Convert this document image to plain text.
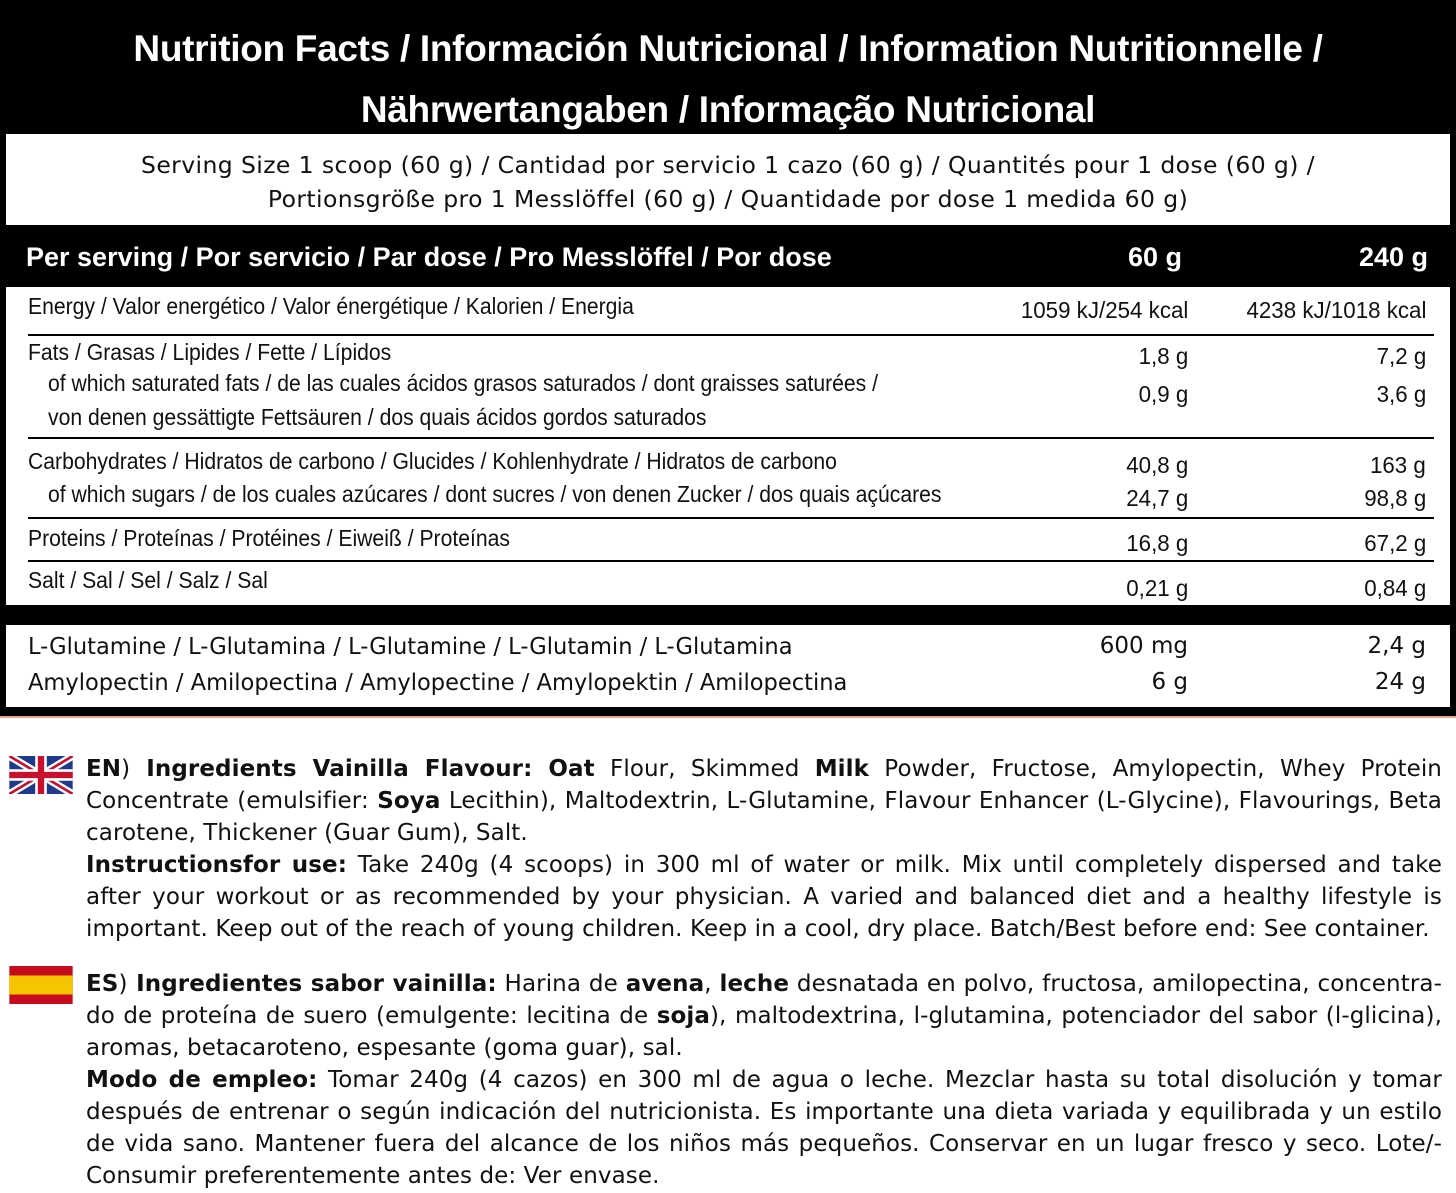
Nutrition Facts / Información Nutricional / Information Nutritionnelle /
Nährwertangaben / Informação Nutricional
Serving Size 1 scoop (60 g) / Cantidad por servicio 1 cazo (60 g) / Quantités pour 1 dose (60 g) /
Portionsgröße pro 1 Messlöffel (60 g) / Quantidade por dose 1 medida 60 g)
Per serving / Por servicio / Par dose / Pro Messlöffel / Por dose	60 g	240 g
Energy / Valor energético / Valor énergétique / Kalorien / Energia	1059 kJ/254 kcal 4238 kJ/1018 kcal
Fats / Grasas / Lipides / Fette / Lípidos	1,8 g	7,2 g
of which saturated fats / de las cuales ácidos grasos saturados / dont graisses saturées /
von denen gessättigte Fettsäuren / dos quais ácidos gordos saturados
0,9 g	3,6 g
Carbohydrates / Hidratos de carbono / Glucides / Kohlenhydrate / Hidratos de carbono	40,8 g	163 g
of which sugars / de los cuales azúcares / dont sucres / von denen Zucker / dos quais açúcares	24,7 g	98,8 g
Proteins / Proteínas / Protéines / Eiweiß / Proteínas	16,8 g	67,2 g
Salt / Sal / Sel / Salz / Sal	0,21 g	0,84 g
L-Glutamine / L-Glutamina / L-Glutamine / L-Glutamin / L-Glutamina	600 mg	2,4 g
Amylopectin / Amilopectina / Amylopectine / Amylopektin / Amilopectina	6 g	24 g

EN) Ingredients Vainilla Flavour: Oat Flour, Skimmed Milk Powder, Fructose, Amylopectin, Whey Protein Concentrate (emulsifier: Soya Lecithin), Maltodextrin, L-Glutamine, Flavour Enhancer (L-Glycine), Flavourings, Beta carotene, Thickener (Guar Gum), Salt.

Instructionsfor use: Take 240g (4 scoops) in 300 ml of water or milk. Mix until completely dispersed and take after your workout or as recommended by your physician. A varied and balanced diet and a healthy lifestyle is important. Keep out of the reach of young children. Keep in a cool, dry place. Batch/Best before end: See container.

ES) Ingredientes sabor vainilla: Harina de avena, leche desnatada en polvo, fructosa, amilopectina, concentra-do de proteína de suero (emulgente: lecitina de soja), maltodextrina, l-glutamina, potenciador del sabor (l-glicina), aromas, betacaroteno, espesante (goma guar), sal.

Modo de empleo: Tomar 240g (4 cazos) en 300 ml de agua o leche. Mezclar hasta su total disolución y tomar después de entrenar o según indicación del nutricionista. Es importante una dieta variada y equilibrada y un estilo de vida sano. Mantener fuera del alcance de los niños más pequeños. Conservar en un lugar fresco y seco. Lote/-Consumir preferentemente antes de: Ver envase.
